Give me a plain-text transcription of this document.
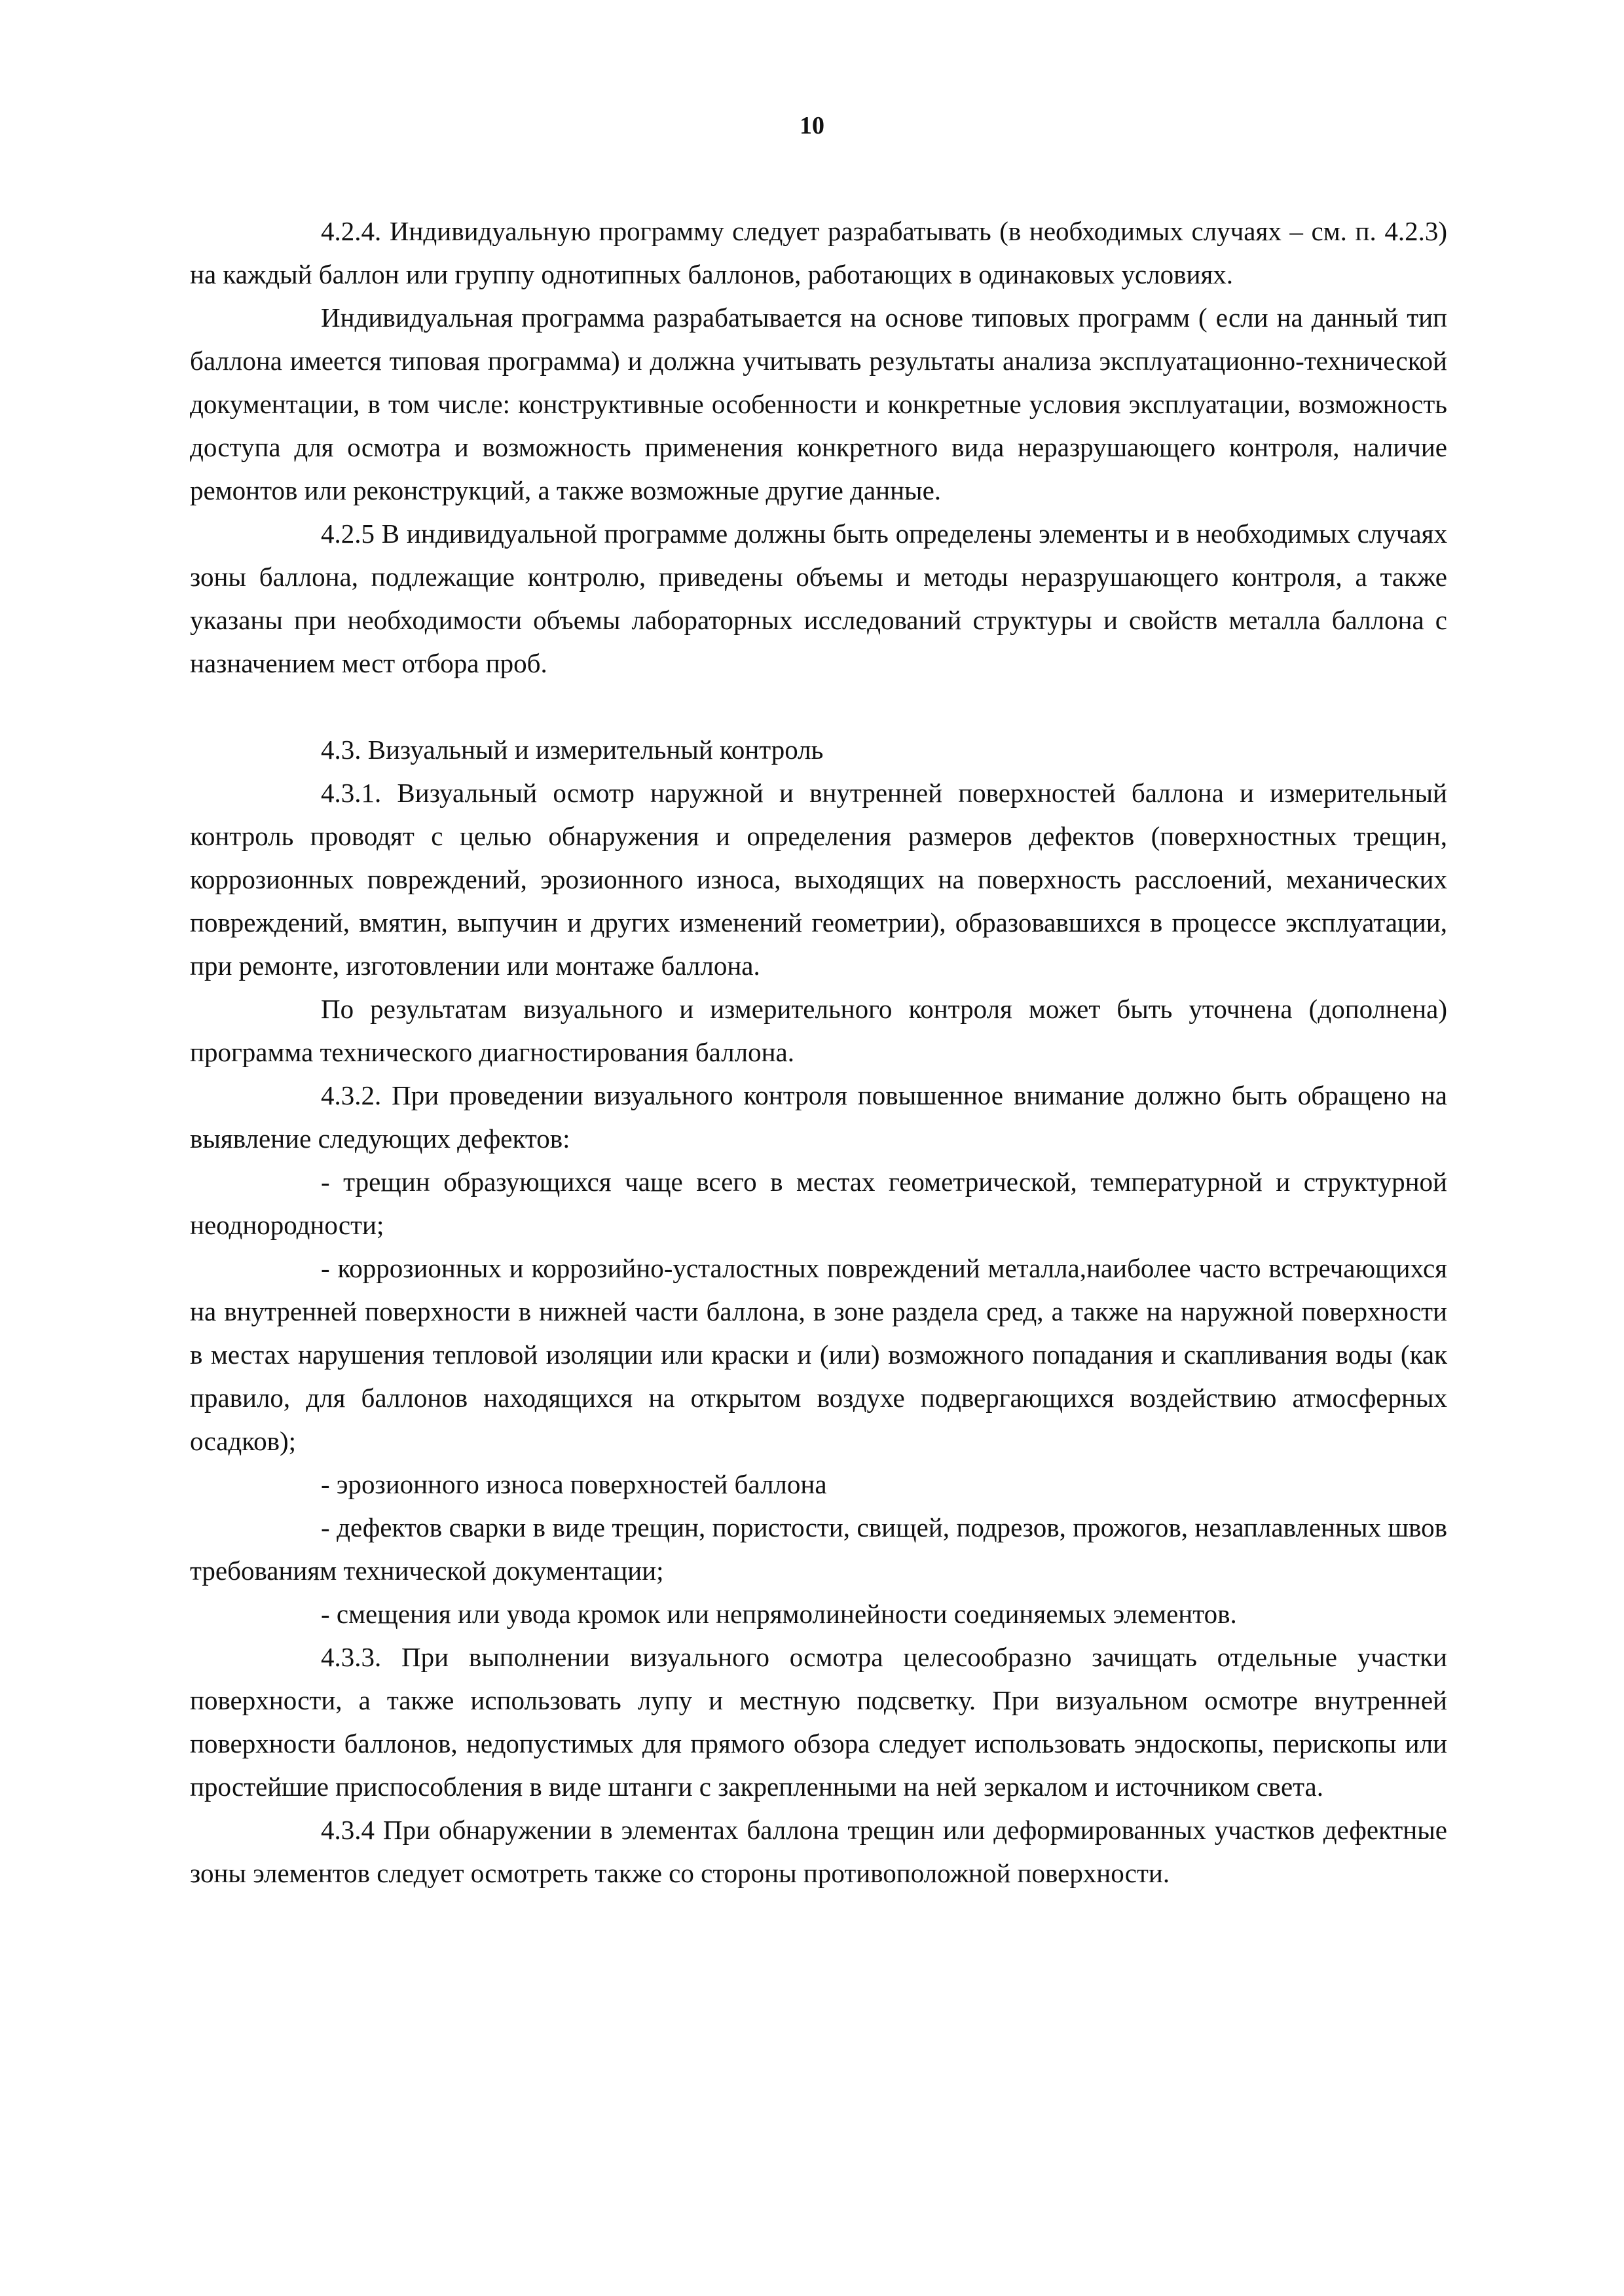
10

4.2.4. Индивидуальную программу следует разрабатывать (в необходимых случаях – см. п. 4.2.3) на каждый баллон или группу однотипных баллонов, работающих в одинаковых условиях.

Индивидуальная программа разрабатывается на основе типовых программ ( если на данный тип баллона имеется типовая программа) и должна учитывать результаты анализа эксплуатационно-технической документации, в том числе: конструктивные особенности и конкретные условия эксплуатации, возможность доступа для осмотра и возможность применения конкретного вида неразрушающего контроля, наличие ремонтов или реконструкций, а также возможные другие данные.

4.2.5 В индивидуальной программе должны быть определены элементы и в необходимых случаях зоны баллона, подлежащие контролю, приведены объемы и методы неразрушающего контроля, а также указаны при необходимости объемы лабораторных исследований структуры и свойств металла баллона с назначением мест отбора проб.

4.3. Визуальный и измерительный контроль

4.3.1. Визуальный осмотр наружной и внутренней поверхностей баллона и измерительный контроль проводят с целью обнаружения и определения размеров дефектов (поверхностных трещин, коррозионных повреждений, эрозионного износа, выходящих на поверхность расслоений, механических повреждений, вмятин, выпучин и других изменений геометрии), образовавшихся в процессе эксплуатации, при ремонте, изготовлении или монтаже баллона.

По результатам визуального и измерительного контроля может быть уточнена (дополнена) программа технического диагностирования баллона.

4.3.2. При проведении визуального контроля повышенное внимание должно быть обращено на выявление следующих дефектов:

- трещин образующихся чаще всего в местах геометрической, температурной и структурной неоднородности;

- коррозионных и коррозийно-усталостных повреждений металла,наиболее часто встречающихся на внутренней поверхности в нижней части баллона, в зоне раздела сред, а также на наружной поверхности в местах нарушения тепловой изоляции или краски и (или) возможного попадания и скапливания воды (как правило, для баллонов находящихся на открытом воздухе подвергающихся воздействию атмосферных осадков);

- эрозионного износа поверхностей баллона

- дефектов сварки в виде трещин, пористости, свищей, подрезов, прожогов, незаплавленных швов требованиям технической документации;

- смещения или увода кромок или непрямолинейности соединяемых элементов.

4.3.3. При выполнении визуального осмотра целесообразно зачищать отдельные участки поверхности, а также использовать лупу и местную подсветку. При визуальном осмотре внутренней поверхности баллонов, недопустимых для прямого обзора следует использовать эндоскопы, перископы или простейшие приспособления в виде штанги с закрепленными на ней зеркалом и источником света.

4.3.4 При обнаружении в элементах баллона трещин или деформированных участков дефектные зоны элементов следует осмотреть также со стороны противоположной поверхности.
